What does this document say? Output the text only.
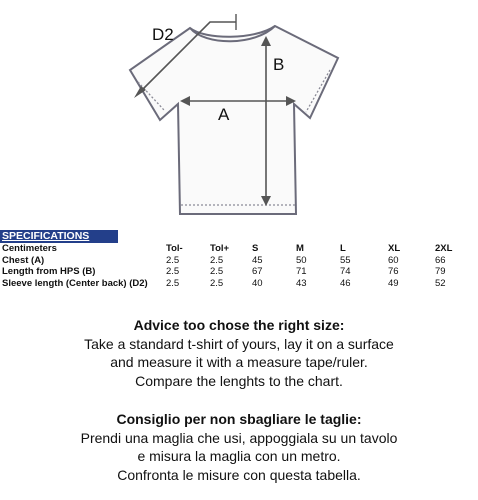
D2
B
A
SPECIFICATIONS
Centimeters	Tol-	Tol+	S	M	L	XL	2XL
Chest (A)	2.5	2.5	45	50	55	60	66
Length from HPS (B)	2.5	2.5	67	71	74	76	79
Sleeve length (Center back) (D2)	2.5	2.5	40	43	46	49	52
Advice too chose the right size:
Take a standard t-shirt of yours, lay it on a surface
and measure it with a measure tape/ruler.
Compare the lenghts to the chart.
Consiglio per non sbagliare le taglie:
Prendi una maglia che usi, appoggiala su un tavolo
e misura la maglia con un metro.
Confronta le misure con questa tabella.
